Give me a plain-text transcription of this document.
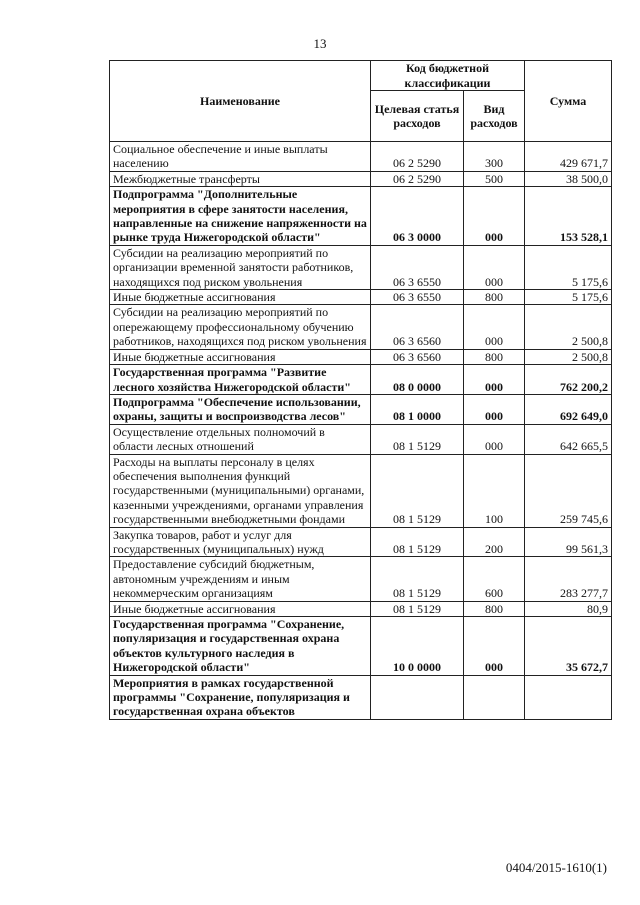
13
Наименование	Код бюджетной классификации		Сумма
	Целевая статья расходов	Вид расходов	
Социальное обеспечение и иные выплаты населению	06 2 5290	300	429 671,7
Межбюджетные трансферты	06 2 5290	500	38 500,0
Подпрограмма "Дополнительные мероприятия в сфере занятости населения, направленные на снижение напряженности на рынке труда Нижегородской области"	06 3 0000	000	153 528,1
Субсидии на реализацию мероприятий по организации временной занятости работников, находящихся под риском увольнения	06 3 6550	000	5 175,6
Иные бюджетные ассигнования	06 3 6550	800	5 175,6
Субсидии на реализацию мероприятий по опережающему профессиональному обучению работников, находящихся под риском увольнения	06 3 6560	000	2 500,8
Иные бюджетные ассигнования	06 3 6560	800	2 500,8
Государственная программа "Развитие лесного хозяйства Нижегородской области"	08 0 0000	000	762 200,2
Подпрограмма "Обеспечение использовании, охраны, защиты и воспроизводства лесов"	08 1 0000	000	692 649,0
Осуществление отдельных полномочий в области лесных отношений	08 1 5129	000	642 665,5
Расходы на выплаты персоналу в целях обеспечения выполнения функций государственными (муниципальными) органами, казенными учреждениями, органами управления государственными внебюджетными фондами	08 1 5129	100	259 745,6
Закупка товаров, работ и услуг для государственных (муниципальных) нужд	08 1 5129	200	99 561,3
Предоставление субсидий бюджетным, автономным учреждениям и иным некоммерческим организациям	08 1 5129	600	283 277,7
Иные бюджетные ассигнования	08 1 5129	800	80,9
Государственная программа "Сохранение, популяризация и государственная охрана объектов культурного наследия в Нижегородской области"	10 0 0000	000	35 672,7
Мероприятия в рамках государственной программы "Сохранение, популяризация и государственная охрана объектов			
0404/2015-1610(1)
